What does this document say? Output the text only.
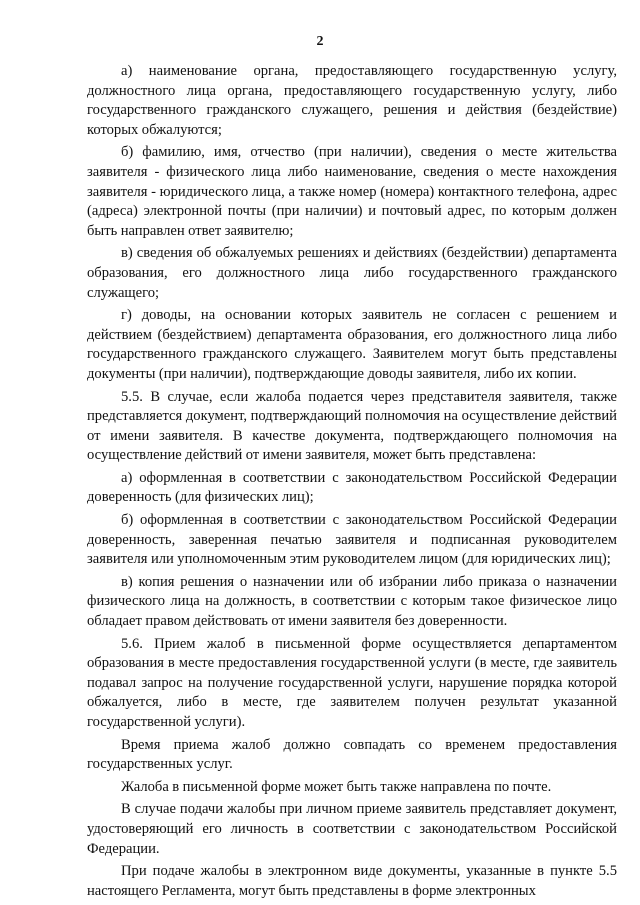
2

а) наименование органа, предоставляющего государственную услугу, должностного лица органа, предоставляющего государственную услугу, либо государственного гражданского служащего, решения и действия (бездействие) которых обжалуются;

б) фамилию, имя, отчество (при наличии), сведения о месте жительства заявителя - физического лица либо наименование, сведения о месте нахождения заявителя - юридического лица, а также номер (номера) контактного телефона, адрес (адреса) электронной почты (при наличии) и почтовый адрес, по которым должен быть направлен ответ заявителю;

в) сведения об обжалуемых решениях и действиях (бездействии) департамента образования, его должностного лица либо государственного гражданского служащего;

г) доводы, на основании которых заявитель не согласен с решением и действием (бездействием) департамента образования, его должностного лица либо государственного гражданского служащего. Заявителем могут быть представлены документы (при наличии), подтверждающие доводы заявителя, либо их копии.

5.5. В случае, если жалоба подается через представителя заявителя, также представляется документ, подтверждающий полномочия на осуществление действий от имени заявителя. В качестве документа, подтверждающего полномочия на осуществление действий от имени заявителя, может быть представлена:

а) оформленная в соответствии с законодательством Российской Федерации доверенность (для физических лиц);

б) оформленная в соответствии с законодательством Российской Федерации доверенность, заверенная печатью заявителя и подписанная руководителем заявителя или уполномоченным этим руководителем лицом (для юридических лиц);

в) копия решения о назначении или об избрании либо приказа о назначении физического лица на должность, в соответствии с которым такое физическое лицо обладает правом действовать от имени заявителя без доверенности.

5.6. Прием жалоб в письменной форме осуществляется департаментом образования в месте предоставления государственной услуги (в месте, где заявитель подавал запрос на получение государственной услуги, нарушение порядка которой обжалуется, либо в месте, где заявителем получен результат указанной государственной услуги).

Время приема жалоб должно совпадать со временем предоставления государственных услуг.

Жалоба в письменной форме может быть также направлена по почте.

В случае подачи жалобы при личном приеме заявитель представляет документ, удостоверяющий его личность в соответствии с законодательством Российской Федерации.

При подаче жалобы в электронном виде документы, указанные в пункте 5.5 настоящего Регламента, могут быть представлены в форме электронных
